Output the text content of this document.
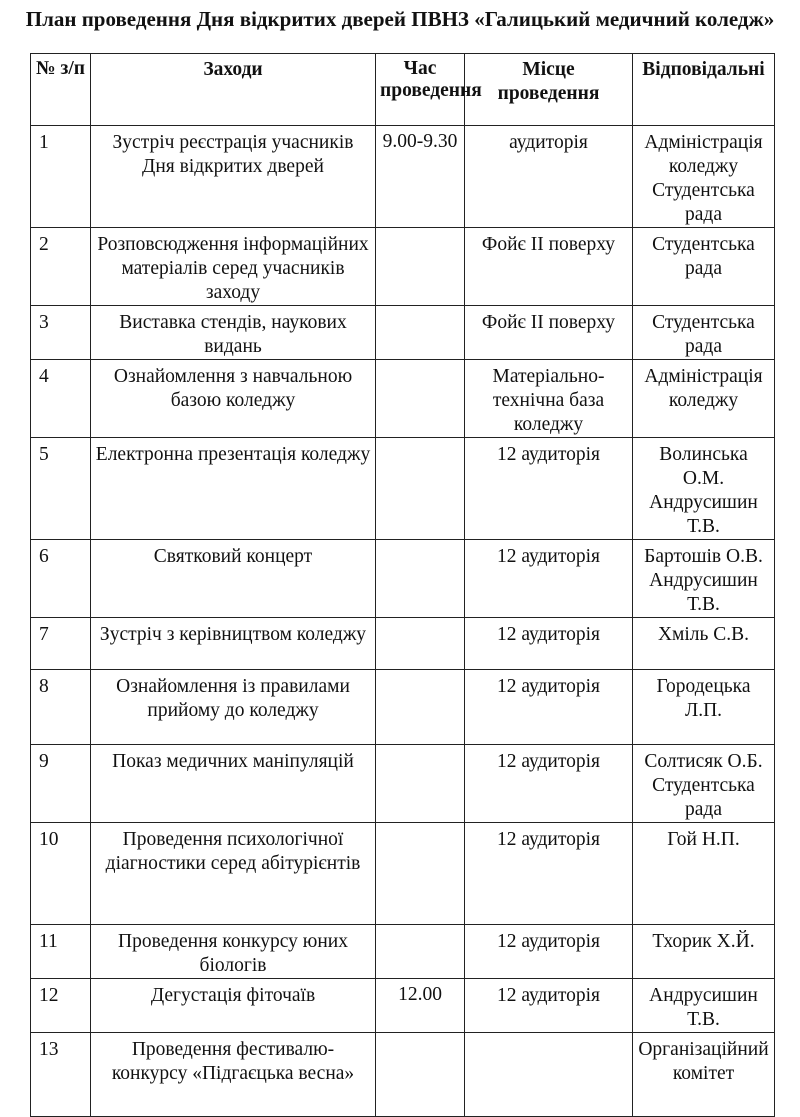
План проведення Дня відкритих дверей ПВНЗ «Галицький медичний коледж»
№ з/п	Заходи	Час проведення	Місце проведення	Відповідальні
1	Зустріч реєстрація учасників Дня відкритих дверей	9.00-9.30	аудиторія	Адміністрація коледжу Студентська рада
2	Розповсюдження інформаційних матеріалів серед учасників заходу		Фойє ІІ поверху	Студентська рада
3	Виставка стендів, наукових видань		Фойє ІІ поверху	Студентська рада
4	Ознайомлення з навчальною базою коледжу		Матеріально-технічна база коледжу	Адміністрація коледжу
5	Електронна презентація коледжу		12 аудиторія	Волинська О.М. Андрусишин Т.В.
6	Святковий концерт		12 аудиторія	Бартошів О.В. Андрусишин Т.В.
7	Зустріч з керівництвом коледжу		12 аудиторія	Хміль С.В.
8	Ознайомлення із правилами прийому до коледжу		12 аудиторія	Городецька Л.П.
9	Показ медичних маніпуляцій		12 аудиторія	Солтисяк О.Б. Студентська рада
10	Проведення психологічної діагностики серед абітурієнтів		12 аудиторія	Гой Н.П.
11	Проведення конкурсу юних біологів		12 аудиторія	Тхорик Х.Й.
12	Дегустація фіточаїв	12.00	12 аудиторія	Андрусишин Т.В.
13	Проведення фестивалю-конкурсу «Підгаєцька весна»			Організаційний комітет
